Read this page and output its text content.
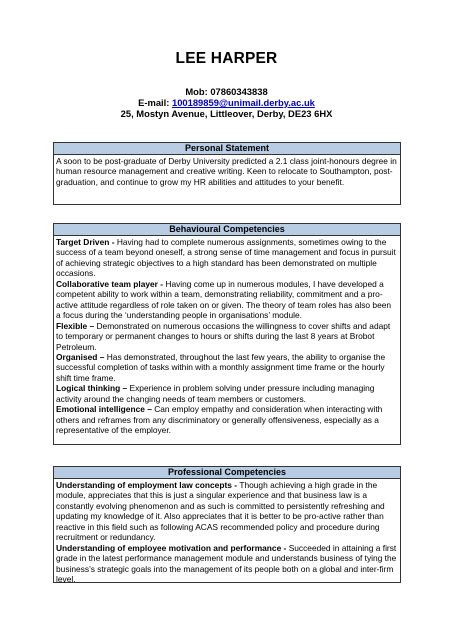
LEE HARPER
Mob: 07860343838
E-mail: 100189859@unimail.derby.ac.uk
25, Mostyn Avenue, Littleover, Derby, DE23 6HX
Personal Statement

A soon to be post-graduate of Derby University predicted a 2.1 class joint-honours degree in human resource management and creative writing. Keen to relocate to Southampton, post-graduation, and continue to grow my HR abilities and attitudes to your benefit.

Behavioural Competencies

Target Driven - Having had to complete numerous assignments, sometimes owing to the success of a team beyond oneself, a strong sense of time management and focus in pursuit of achieving strategic objectives to a high standard has been demonstrated on multiple occasions.

Collaborative team player - Having come up in numerous modules, I have developed a competent ability to work within a team, demonstrating reliability, commitment and a pro-active attitude regardless of role taken on or given. The theory of team roles has also been a focus during the ‘understanding people in organisations’ module.

Flexible – Demonstrated on numerous occasions the willingness to cover shifts and adapt to temporary or permanent changes to hours or shifts during the last 8 years at Brobot Petroleum.

Organised – Has demonstrated, throughout the last few years, the ability to organise the successful completion of tasks within with a monthly assignment time frame or the hourly shift time frame.

Logical thinking – Experience in problem solving under pressure including managing activity around the changing needs of team members or customers.

Emotional intelligence – Can employ empathy and consideration when interacting with others and reframes from any discriminatory or generally offensiveness, especially as a representative of the employer.

Professional Competencies

Understanding of employment law concepts - Though achieving a high grade in the module, appreciates that this is just a singular experience and that business law is a constantly evolving phenomenon and as such is committed to persistently refreshing and updating my knowledge of it. Also appreciates that it is better to be pro-active rather than reactive in this field such as following ACAS recommended policy and procedure during recruitment or redundancy.

Understanding of employee motivation and performance - Succeeded in attaining a first grade in the latest performance management module and understands business of tying the business’s strategic goals into the management of its people both on a global and inter-firm level.
